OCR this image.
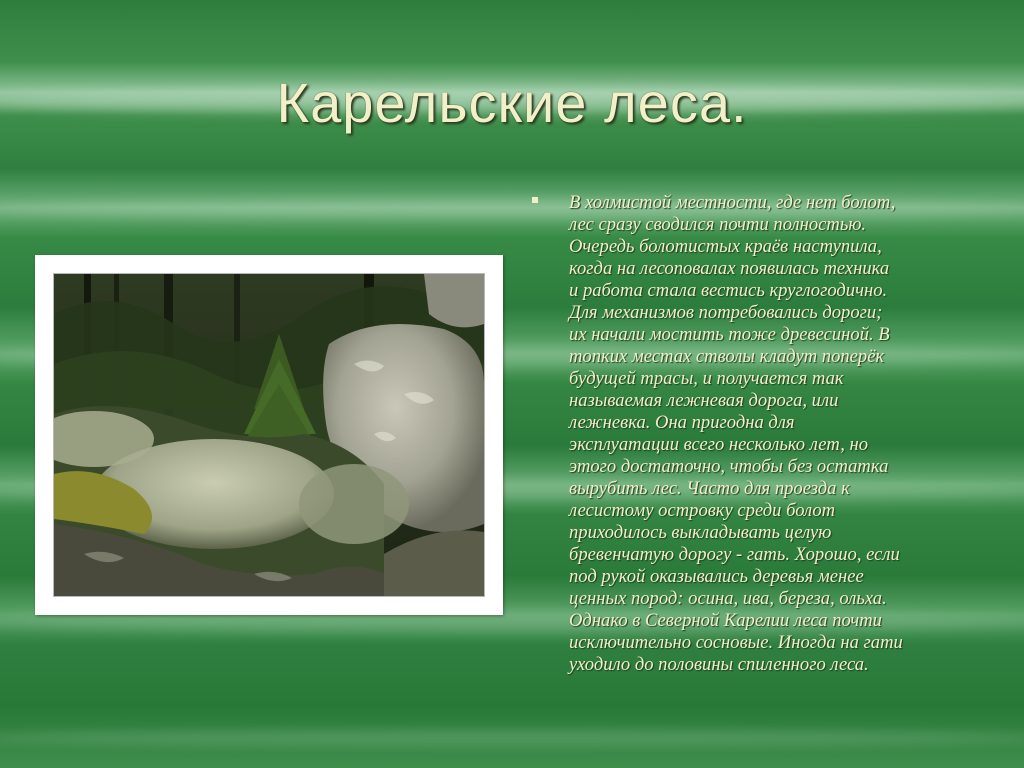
Карельские леса.
В холмистой местности, где нет болот,
лес сразу сводился почти полностью.
Очередь болотистых краёв наступила,
когда на лесоповалах появилась техника
и работа стала вестись круглогодично.
Для механизмов потребовались дороги;
их начали мостить тоже древесиной. В
топких местах стволы кладут поперёк
будущей трасы, и получается так
называемая лежневая дорога, или
лежневка. Она пригодна для
эксплуатации всего несколько лет, но
этого достаточно, чтобы без остатка
вырубить лес. Часто для проезда к
лесистому островку среди болот
приходилось выкладывать целую
бревенчатую дорогу - гать. Хорошо, если
под рукой оказывались деревья менее
ценных пород: осина, ива, береза, ольха.
Однако в Северной Карелии леса почти
исключительно сосновые. Иногда на гати
уходило до половины спиленного леса.
